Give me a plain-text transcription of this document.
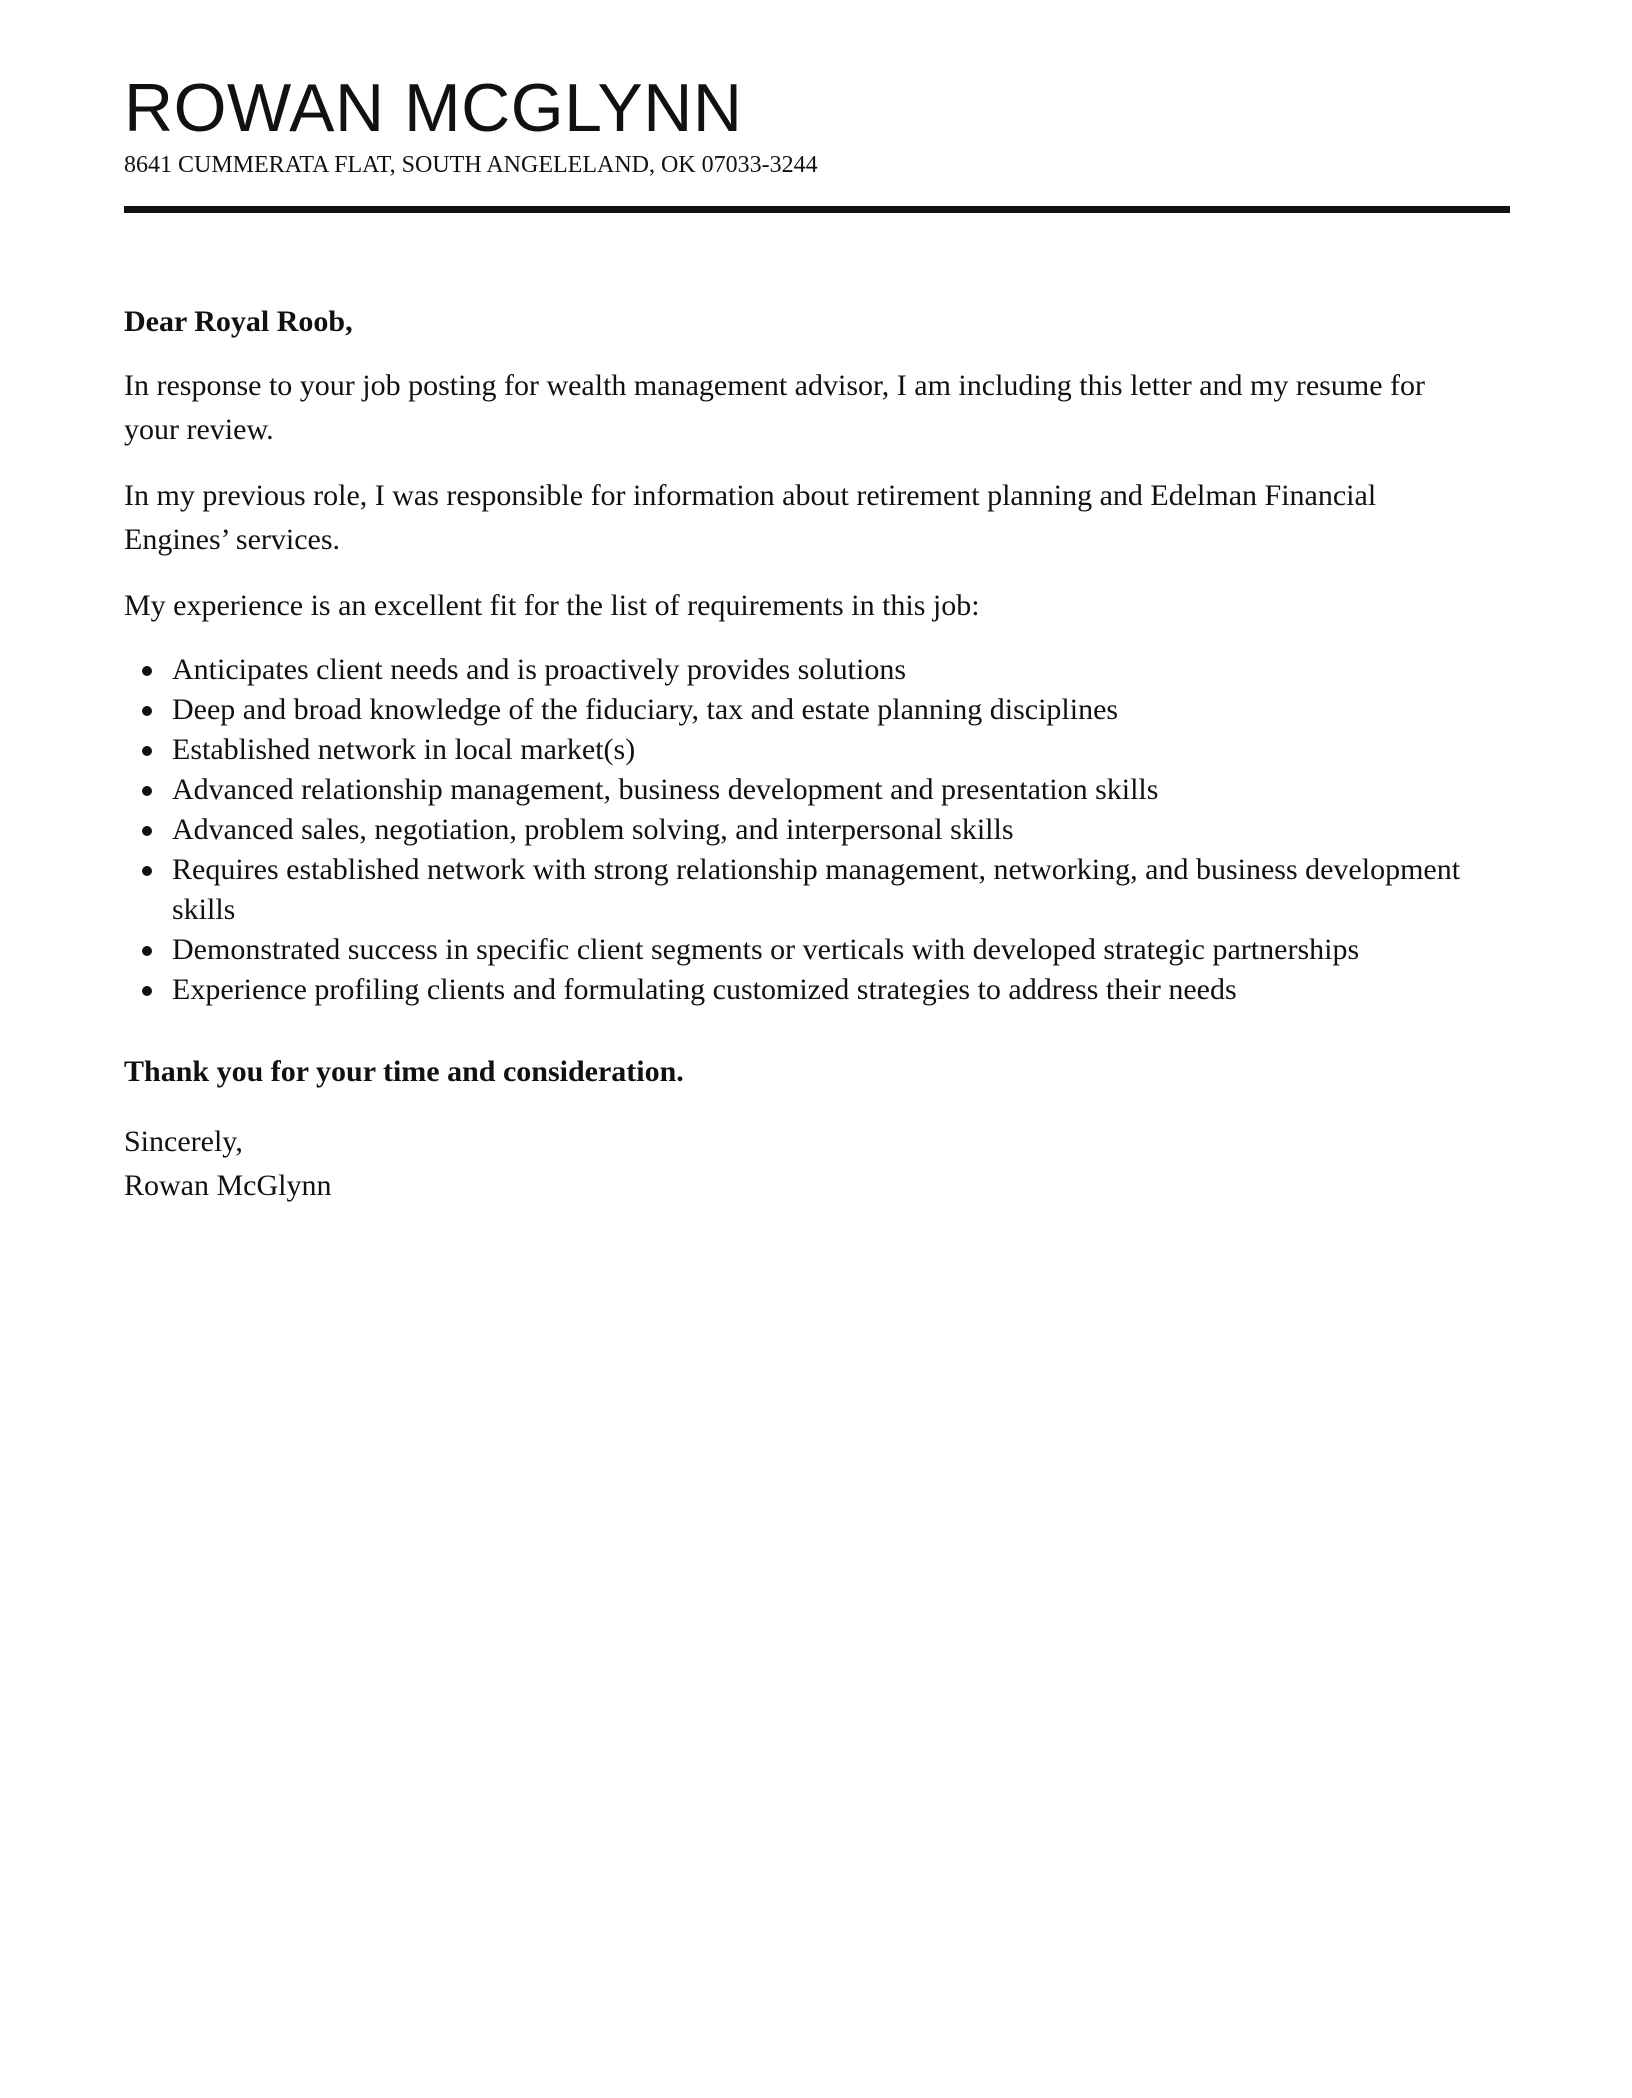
ROWAN MCGLYNN
8641 CUMMERATA FLAT, SOUTH ANGELELAND, OK 07033-3244

Dear Royal Roob,

In response to your job posting for wealth management advisor, I am including this letter and my resume for your review.

In my previous role, I was responsible for information about retirement planning and Edelman Financial Engines’ services.

My experience is an excellent fit for the list of requirements in this job:

Anticipates client needs and is proactively provides solutions
Deep and broad knowledge of the fiduciary, tax and estate planning disciplines
Established network in local market(s)
Advanced relationship management, business development and presentation skills
Advanced sales, negotiation, problem solving, and interpersonal skills
Requires established network with strong relationship management, networking, and business development skills
Demonstrated success in specific client segments or verticals with developed strategic partnerships
Experience profiling clients and formulating customized strategies to address their needs

Thank you for your time and consideration.

Sincerely,
Rowan McGlynn
